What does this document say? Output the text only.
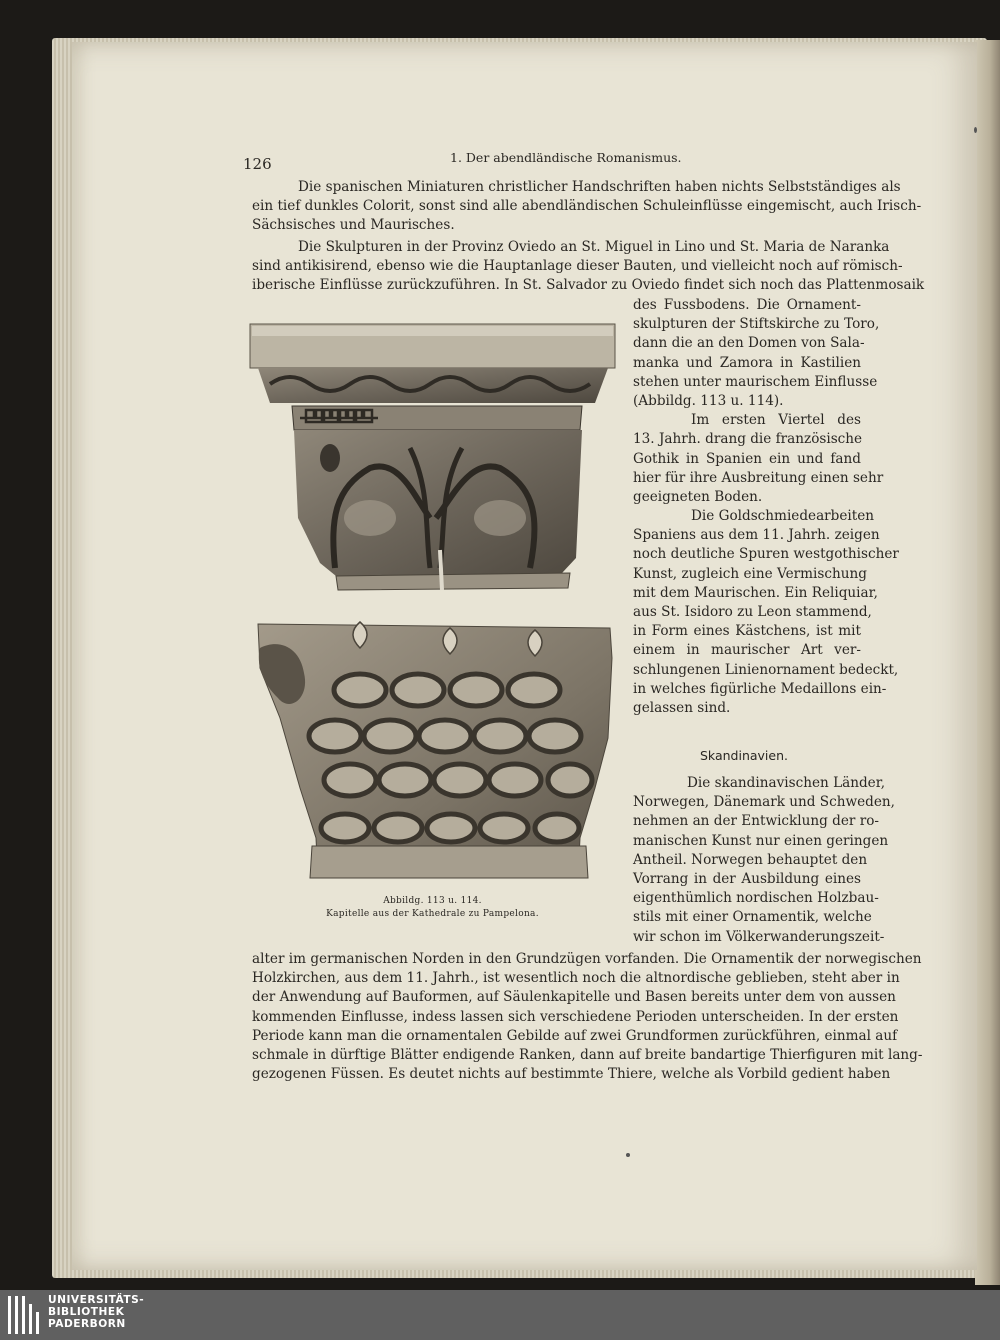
126	1. Der abendländische Romanismus.
Die spanischen Miniaturen christlicher Handschriften haben nichts Selbstständiges als
ein tief dunkles Colorit, sonst sind alle abendländischen Schuleinflüsse eingemischt, auch Irisch-
Sächsisches und Maurisches.
Die Skulpturen in der Provinz Oviedo an St. Miguel in Lino und St. Maria de Naranka
sind antikisirend, ebenso wie die Hauptanlage dieser Bauten, und vielleicht noch auf römisch-
iberische Einflüsse zurückzuführen. In St. Salvador zu Oviedo findet sich noch das Plattenmosaik
des Fussbodens. Die Ornament-
skulpturen der Stiftskirche zu Toro,
dann die an den Domen von Sala-
manka und Zamora in Kastilien
stehen unter maurischem Einflusse
(Abbildg. 113 u. 114).
Im ersten Viertel des
13. Jahrh. drang die französische
Gothik in Spanien ein und fand
hier für ihre Ausbreitung einen sehr
geeigneten Boden.
Die Goldschmiedearbeiten
Spaniens aus dem 11. Jahrh. zeigen
noch deutliche Spuren westgothischer
Kunst, zugleich eine Vermischung
mit dem Maurischen. Ein Reliquiar,
aus St. Isidoro zu Leon stammend,
in Form eines Kästchens, ist mit
einem in maurischer Art ver-
schlungenen Linienornament bedeckt,
in welches figürliche Medaillons ein-
gelassen sind.
Skandinavien.
Die skandinavischen Länder,
Norwegen, Dänemark und Schweden,
nehmen an der Entwicklung der ro-
manischen Kunst nur einen geringen
Antheil. Norwegen behauptet den
Vorrang in der Ausbildung eines
eigenthümlich nordischen Holzbau-
stils mit einer Ornamentik, welche
wir schon im Völkerwanderungszeit-
alter im germanischen Norden in den Grundzügen vorfanden. Die Ornamentik der norwegischen
Holzkirchen, aus dem 11. Jahrh., ist wesentlich noch die altnordische geblieben, steht aber in
der Anwendung auf Bauformen, auf Säulenkapitelle und Basen bereits unter dem von aussen
kommenden Einflusse, indess lassen sich verschiedene Perioden unterscheiden. In der ersten
Periode kann man die ornamentalen Gebilde auf zwei Grundformen zurückführen, einmal auf
schmale in dürftige Blätter endigende Ranken, dann auf breite bandartige Thierfiguren mit lang-
gezogenen Füssen. Es deutet nichts auf bestimmte Thiere, welche als Vorbild gedient haben
Abbildg. 113 u. 114.
Kapitelle aus der Kathedrale zu Pampelona.
UNIVERSITÄTS-
BIBLIOTHEK
PADERBORN
